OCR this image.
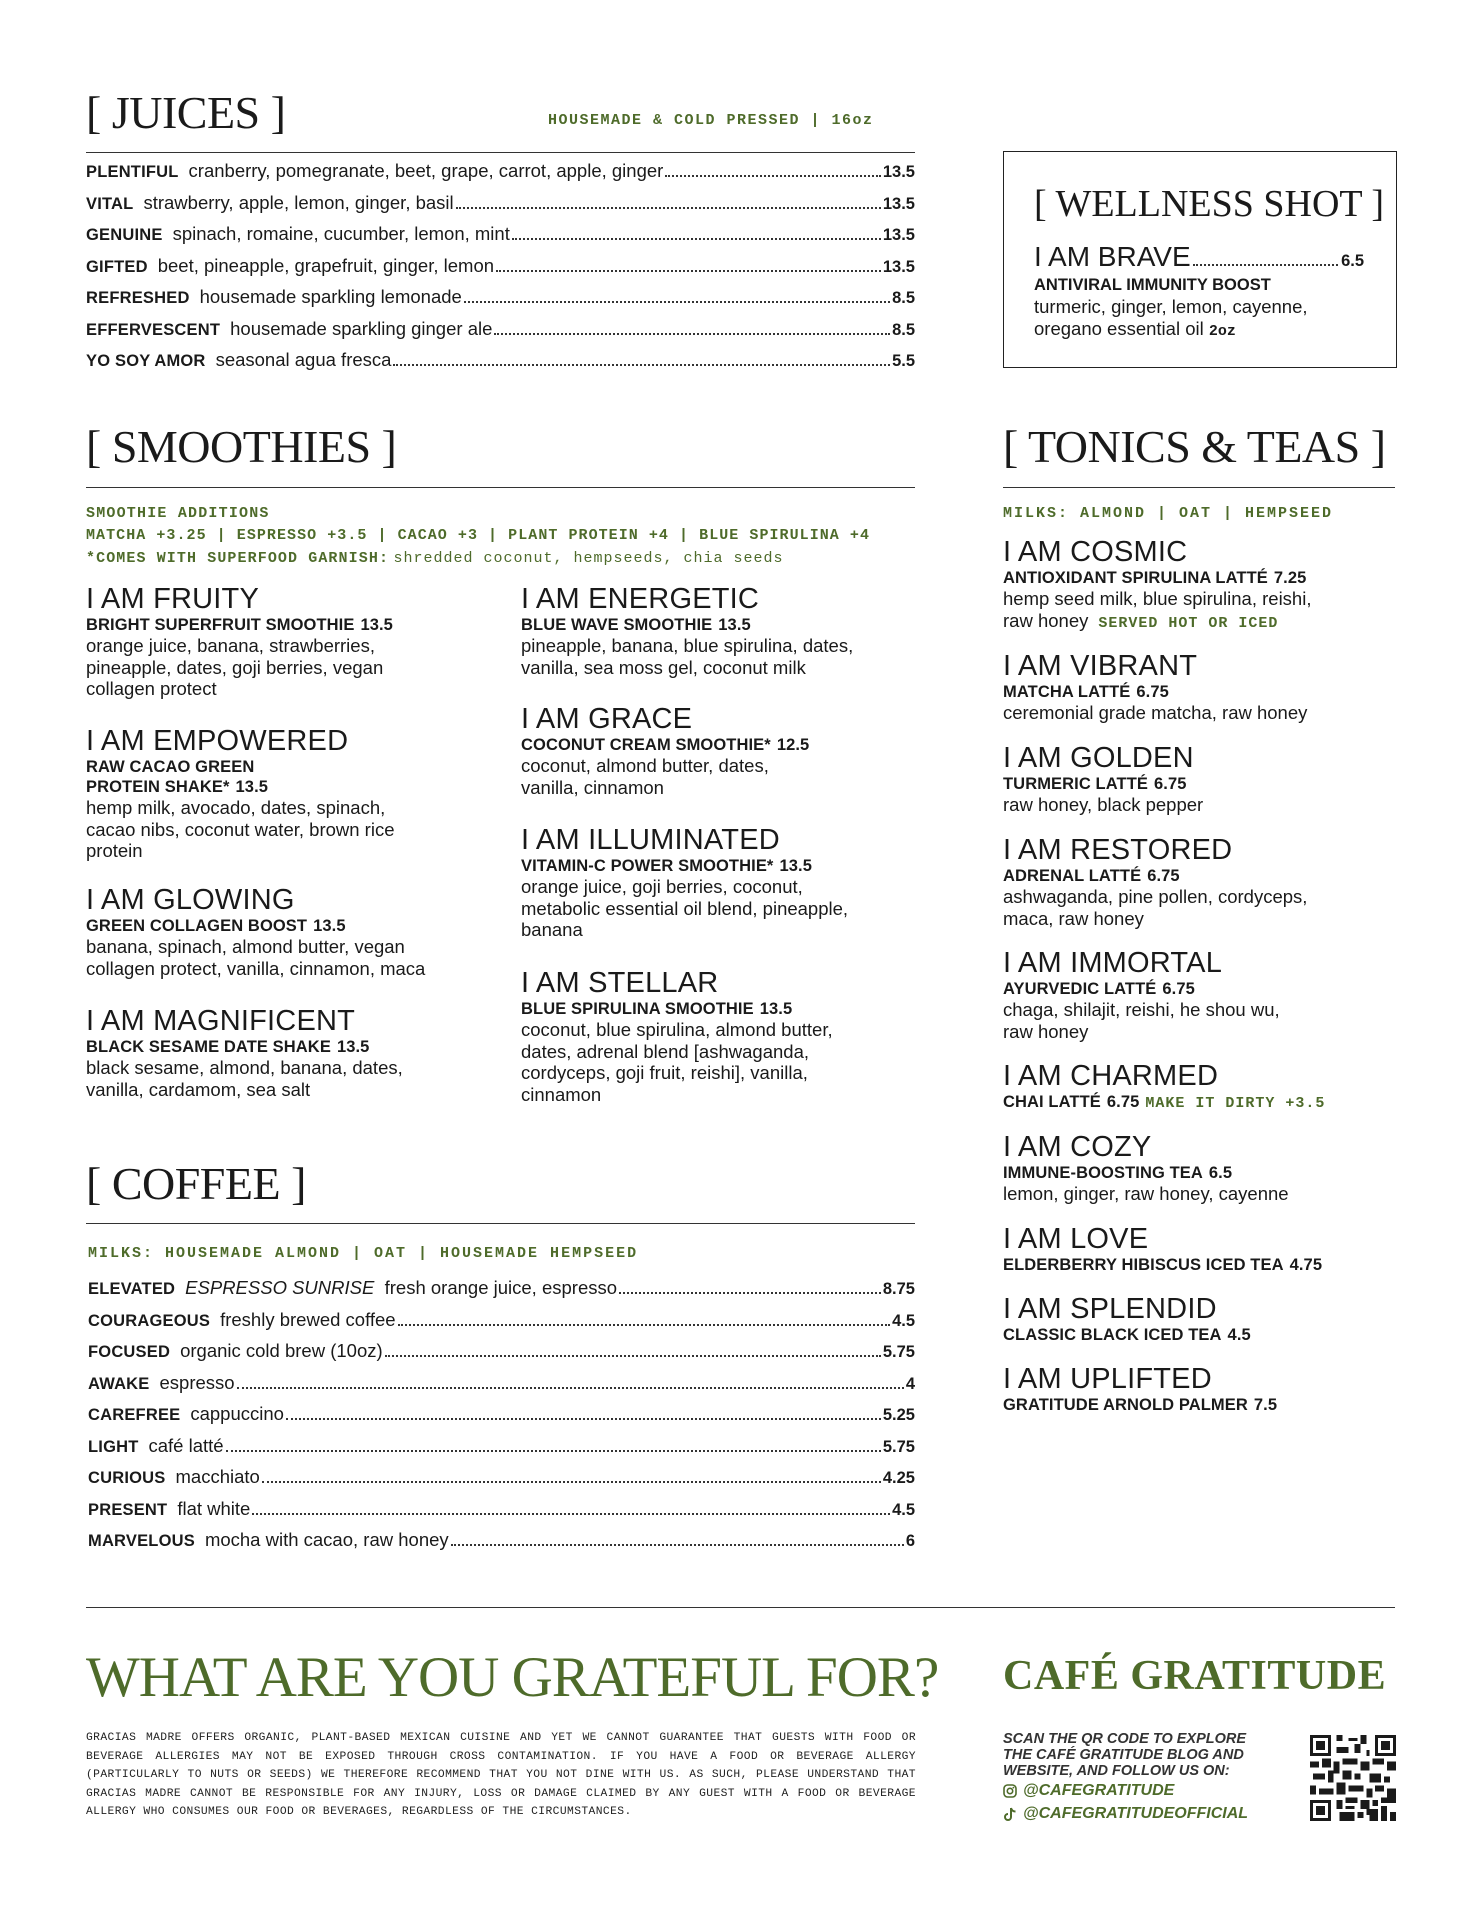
[ JUICES ]	HOUSEMADE & COLD PRESSED | 16oz
PLENTIFUL cranberry, pomegranate, beet, grape, carrot, apple, ginger	13.5
VITAL strawberry, apple, lemon, ginger, basil	13.5
GENUINE spinach, romaine, cucumber, lemon, mint	13.5
GIFTED beet, pineapple, grapefruit, ginger, lemon	13.5
REFRESHED housemade sparkling lemonade	8.5
EFFERVESCENT housemade sparkling ginger ale	8.5
YO SOY AMOR seasonal agua fresca	5.5
[ WELLNESS SHOT ]
I AM BRAVE	6.5
ANTIVIRAL IMMUNITY BOOST
turmeric, ginger, lemon, cayenne,
oregano essential oil 2oz
[ SMOOTHIES ]
SMOOTHIE ADDITIONS
MATCHA +3.25 | ESPRESSO +3.5 | CACAO +3 | PLANT PROTEIN +4 | BLUE SPIRULINA +4
*COMES WITH SUPERFOOD GARNISH: shredded coconut, hempseeds, chia seeds
I AM FRUITY
BRIGHT SUPERFRUIT SMOOTHIE 13.5
orange juice, banana, strawberries,
pineapple, dates, goji berries, vegan
collagen protect
I AM EMPOWERED
RAW CACAO GREEN
PROTEIN SHAKE* 13.5
hemp milk, avocado, dates, spinach,
cacao nibs, coconut water, brown rice
protein
I AM GLOWING
GREEN COLLAGEN BOOST 13.5
banana, spinach, almond butter, vegan
collagen protect, vanilla, cinnamon, maca
I AM MAGNIFICENT
BLACK SESAME DATE SHAKE 13.5
black sesame, almond, banana, dates,
vanilla, cardamom, sea salt
I AM ENERGETIC
BLUE WAVE SMOOTHIE 13.5
pineapple, banana, blue spirulina, dates,
vanilla, sea moss gel, coconut milk
I AM GRACE
COCONUT CREAM SMOOTHIE* 12.5
coconut, almond butter, dates,
vanilla, cinnamon
I AM ILLUMINATED
VITAMIN-C POWER SMOOTHIE* 13.5
orange juice, goji berries, coconut,
metabolic essential oil blend, pineapple,
banana
I AM STELLAR
BLUE SPIRULINA SMOOTHIE 13.5
coconut, blue spirulina, almond butter,
dates, adrenal blend [ashwaganda,
cordyceps, goji fruit, reishi], vanilla,
cinnamon
[ TONICS & TEAS ]
MILKS: ALMOND | OAT | HEMPSEED
I AM COSMIC
ANTIOXIDANT SPIRULINA LATTÉ 7.25
hemp seed milk, blue spirulina, reishi,
raw honey SERVED HOT OR ICED
I AM VIBRANT
MATCHA LATTÉ 6.75
ceremonial grade matcha, raw honey
I AM GOLDEN
TURMERIC LATTÉ 6.75
raw honey, black pepper
I AM RESTORED
ADRENAL LATTÉ 6.75
ashwaganda, pine pollen, cordyceps,
maca, raw honey
I AM IMMORTAL
AYURVEDIC LATTÉ 6.75
chaga, shilajit, reishi, he shou wu,
raw honey
I AM CHARMED
CHAI LATTÉ 6.75 MAKE IT DIRTY +3.5
I AM COZY
IMMUNE-BOOSTING TEA 6.5
lemon, ginger, raw honey, cayenne
I AM LOVE
ELDERBERRY HIBISCUS ICED TEA 4.75
I AM SPLENDID
CLASSIC BLACK ICED TEA 4.5
I AM UPLIFTED
GRATITUDE ARNOLD PALMER 7.5
[ COFFEE ]
MILKS: HOUSEMADE ALMOND | OAT | HOUSEMADE HEMPSEED
ELEVATED ESPRESSO SUNRISE fresh orange juice, espresso	8.75
COURAGEOUS freshly brewed coffee	4.5
FOCUSED organic cold brew (10oz)	5.75
AWAKE espresso	4
CAREFREE cappuccino	5.25
LIGHT café latté	5.75
CURIOUS macchiato	4.25
PRESENT flat white	4.5
MARVELOUS mocha with cacao, raw honey	6
WHAT ARE YOU GRATEFUL FOR?
GRACIAS MADRE OFFERS ORGANIC, PLANT-BASED MEXICAN CUISINE AND YET WE CANNOT GUARANTEE THAT GUESTS WITH FOOD OR BEVERAGE ALLERGIES MAY NOT BE EXPOSED THROUGH CROSS CONTAMINATION. IF YOU HAVE A FOOD OR BEVERAGE ALLERGY (PARTICULARLY TO NUTS OR SEEDS) WE THEREFORE RECOMMEND THAT YOU NOT DINE WITH US. AS SUCH, PLEASE UNDERSTAND THAT GRACIAS MADRE CANNOT BE RESPONSIBLE FOR ANY INJURY, LOSS OR DAMAGE CLAIMED BY ANY GUEST WITH A FOOD OR BEVERAGE ALLERGY WHO CONSUMES OUR FOOD OR BEVERAGES, REGARDLESS OF THE CIRCUMSTANCES.
CAFÉ GRATITUDE
SCAN THE QR CODE TO EXPLORE
THE CAFÉ GRATITUDE BLOG AND
WEBSITE, AND FOLLOW US ON:
@CAFEGRATITUDE
@CAFEGRATITUDEOFFICIAL
